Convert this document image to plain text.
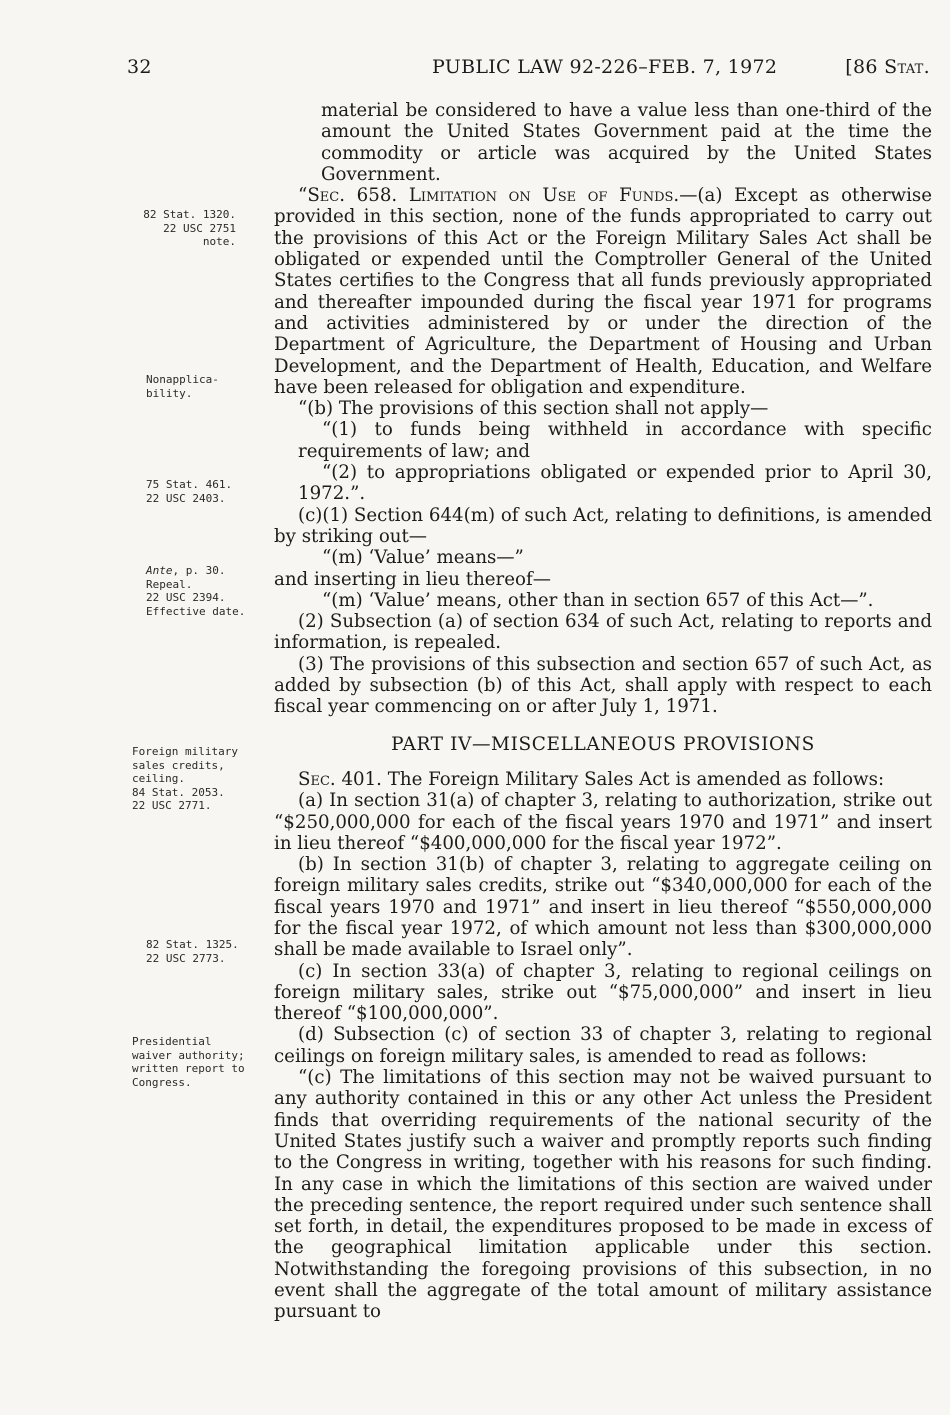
32	PUBLIC LAW 92-226–FEB. 7, 1972	[86 Stat.
82 Stat. 1320.
22 USC 2751
note.
Nonapplica-
bility.
75 Stat. 461.
22 USC 2403.
Ante, p. 30.
Repeal.
22 USC 2394.
Effective date.
Foreign military
sales credits,
ceiling.
84 Stat. 2053.
22 USC 2771.
82 Stat. 1325.
22 USC 2773.
Presidential
waiver authority;
written report to
Congress.

material be considered to have a value less than one-third of the amount the United States Government paid at the time the commodity or article was acquired by the United States Government.

“Sec. 658. Limitation on Use of Funds.—(a) Except as otherwise provided in this section, none of the funds appropriated to carry out the provisions of this Act or the Foreign Military Sales Act shall be obligated or expended until the Comptroller General of the United States certifies to the Congress that all funds previously appropriated and thereafter impounded during the fiscal year 1971 for programs and activities administered by or under the direction of the Department of Agriculture, the Department of Housing and Urban Development, and the Department of Health, Education, and Welfare have been released for obligation and expenditure.

“(b) The provisions of this section shall not apply—

“(1) to funds being withheld in accordance with specific requirements of law; and

“(2) to appropriations obligated or expended prior to April 30, 1972.”.

(c)(1) Section 644(m) of such Act, relating to definitions, is amended by striking out—

“(m) ‘Value’ means—”

and inserting in lieu thereof—

“(m) ‘Value’ means, other than in section 657 of this Act—”.

(2) Subsection (a) of section 634 of such Act, relating to reports and information, is repealed.

(3) The provisions of this subsection and section 657 of such Act, as added by subsection (b) of this Act, shall apply with respect to each fiscal year commencing on or after July 1, 1971.

PART IV—MISCELLANEOUS PROVISIONS

Sec. 401. The Foreign Military Sales Act is amended as follows:

(a) In section 31(a) of chapter 3, relating to authorization, strike out “$250,000,000 for each of the fiscal years 1970 and 1971” and insert in lieu thereof “$400,000,000 for the fiscal year 1972”.

(b) In section 31(b) of chapter 3, relating to aggregate ceiling on foreign military sales credits, strike out “$340,000,000 for each of the fiscal years 1970 and 1971” and insert in lieu thereof “$550,000,000 for the fiscal year 1972, of which amount not less than $300,000,000 shall be made available to Israel only”.

(c) In section 33(a) of chapter 3, relating to regional ceilings on foreign military sales, strike out “$75,000,000” and insert in lieu thereof “$100,000,000”.

(d) Subsection (c) of section 33 of chapter 3, relating to regional ceilings on foreign military sales, is amended to read as follows:

“(c) The limitations of this section may not be waived pursuant to any authority contained in this or any other Act unless the President finds that overriding requirements of the national security of the United States justify such a waiver and promptly reports such finding to the Congress in writing, together with his reasons for such finding. In any case in which the limitations of this section are waived under the preceding sentence, the report required under such sentence shall set forth, in detail, the expenditures proposed to be made in excess of the geographical limitation applicable under this section. Notwithstanding the foregoing provisions of this subsection, in no event shall the aggregate of the total amount of military assistance pursuant to
